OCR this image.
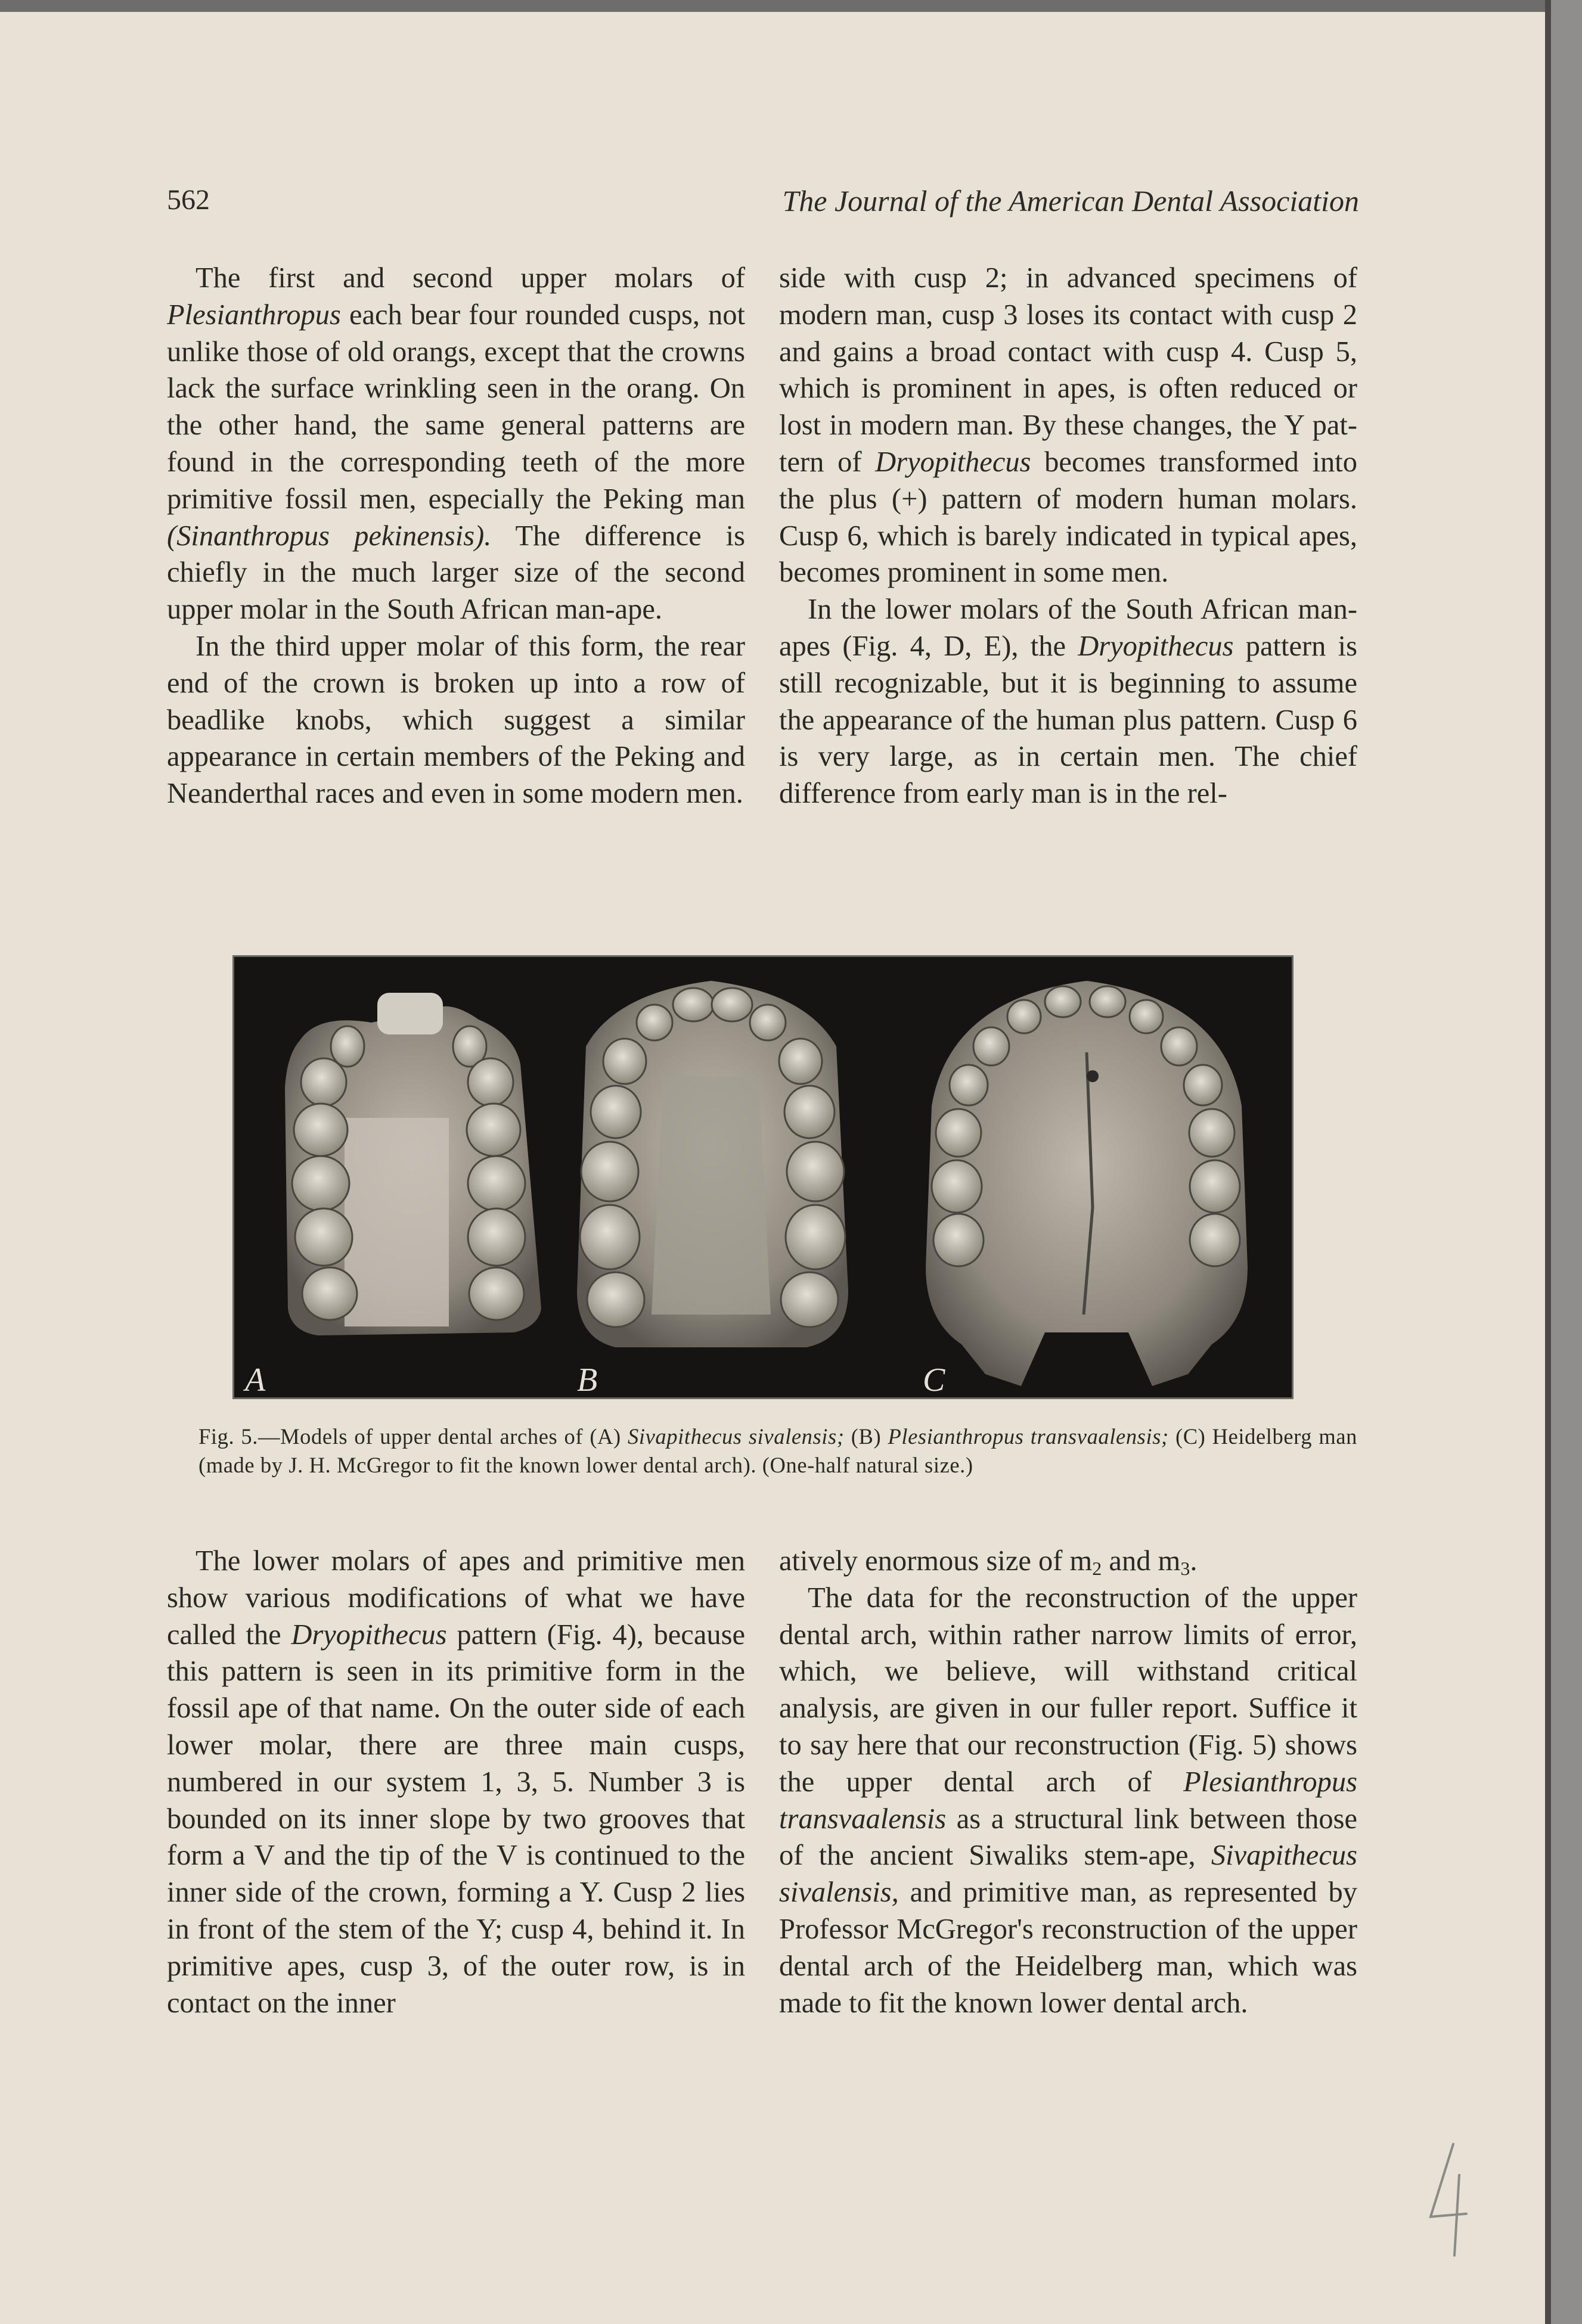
562	The Journal of the American Dental Association

The first and second upper molars of Plesianthropus each bear four rounded cusps, not unlike those of old orangs, except that the crowns lack the surface wrinkling seen in the orang. On the other hand, the same general patterns are found in the corresponding teeth of the more primitive fossil men, especially the Peking man (Sinanthropus pekinensis). The difference is chiefly in the much larger size of the second upper molar in the South African man-ape.

In the third upper molar of this form, the rear end of the crown is broken up into a row of beadlike knobs, which suggest a similar appearance in certain members of the Peking and Neanderthal races and even in some modern men.

side with cusp 2; in advanced specimens of modern man, cusp 3 loses its contact with cusp 2 and gains a broad contact with cusp 4. Cusp 5, which is prominent in apes, is often reduced or lost in modern man. By these changes, the Y pattern of Dryopithecus becomes transformed into the plus (+) pattern of modern human molars. Cusp 6, which is barely indicated in typical apes, becomes prominent in some men.

In the lower molars of the South African man-apes (Fig. 4, D, E), the Dryopithecus pattern is still recognizable, but it is beginning to assume the appearance of the human plus pattern. Cusp 6 is very large, as in certain men. The chief difference from early man is in the rel-

A	B	C
Fig. 5.—Models of upper dental arches of (A) Sivapithecus sivalensis; (B) Plesianthropus transvaalensis; (C) Heidelberg man (made by J. H. McGregor to fit the known lower dental arch). (One-half natural size.)

The lower molars of apes and primitive men show various modifications of what we have called the Dryopithecus pattern (Fig. 4), because this pattern is seen in its primitive form in the fossil ape of that name. On the outer side of each lower molar, there are three main cusps, numbered in our system 1, 3, 5. Number 3 is bounded on its inner slope by two grooves that form a V and the tip of the V is continued to the inner side of the crown, forming a Y. Cusp 2 lies in front of the stem of the Y; cusp 4, behind it. In primitive apes, cusp 3, of the outer row, is in contact on the inner

atively enormous size of $m_2$ and $m_3$.

The data for the reconstruction of the upper dental arch, within rather narrow limits of error, which, we believe, will withstand critical analysis, are given in our fuller report. Suffice it to say here that our reconstruction (Fig. 5) shows the upper dental arch of Plesianthropus transvaalensis as a structural link between those of the ancient Siwaliks stem-ape, Sivapithecus sivalensis, and primitive man, as represented by Professor McGregor's reconstruction of the upper dental arch of the Heidelberg man, which was made to fit the known lower dental arch.
